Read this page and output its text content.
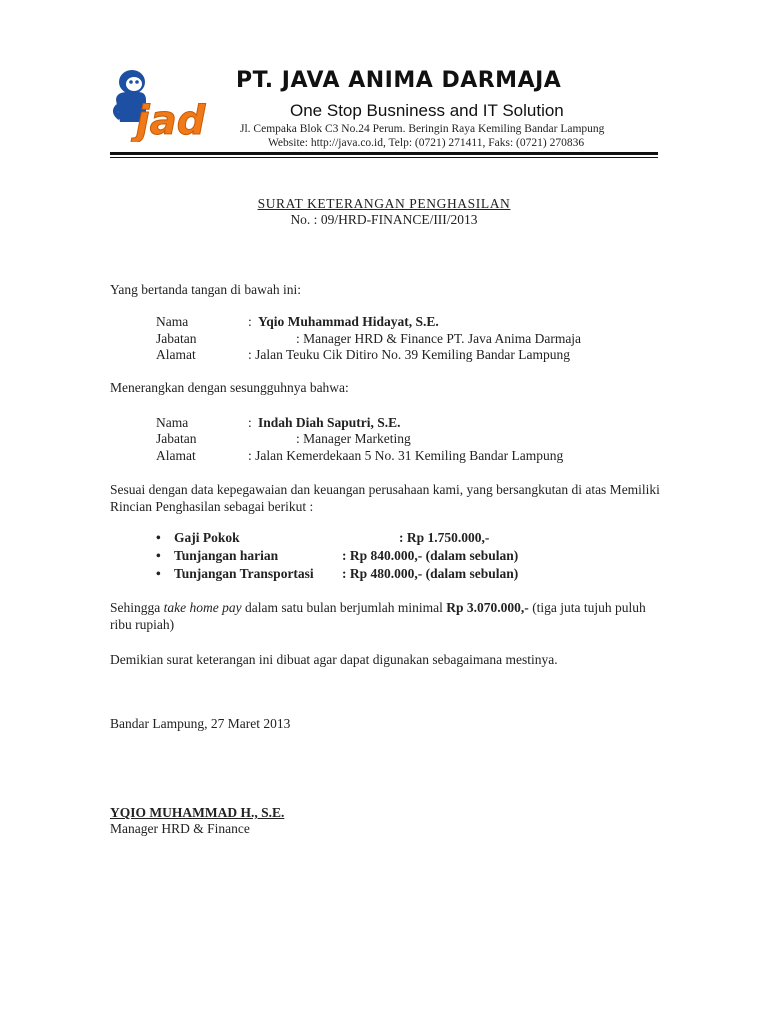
jad
PT. JAVA ANIMA DARMAJA
One Stop Busniness and IT Solution
Jl. Cempaka Blok C3 No.24 Perum. Beringin Raya Kemiling Bandar Lampung
Website: http://java.co.id, Telp: (0721) 271411, Faks: (0721) 270836
SURAT KETERANGAN PENGHASILAN
No. : 09/HRD-FINANCE/III/2013
Yang bertanda tangan di bawah ini:
Nama	: Yqio Muhammad Hidayat, S.E.
Jabatan	: Manager HRD & Finance PT. Java Anima Darmaja
Alamat	: Jalan Teuku Cik Ditiro No. 39 Kemiling Bandar Lampung
Menerangkan dengan sesungguhnya bahwa:
Nama	: Indah Diah Saputri, S.E.
Jabatan	: Manager Marketing
Alamat	: Jalan Kemerdekaan 5 No. 31 Kemiling Bandar Lampung
Sesuai dengan data kepegawaian dan keuangan perusahaan kami, yang bersangkutan di atas Memiliki Rincian Penghasilan sebagai berikut :
• Gaji Pokok	: Rp 1.750.000,-
• Tunjangan harian	: Rp 840.000,- (dalam sebulan)
• Tunjangan Transportasi : Rp 480.000,- (dalam sebulan)
Sehingga take home pay dalam satu bulan berjumlah minimal Rp 3.070.000,- (tiga juta tujuh puluh ribu rupiah)
Demikian surat keterangan ini dibuat agar dapat digunakan sebagaimana mestinya.
Bandar Lampung, 27 Maret 2013
YQIO MUHAMMAD H., S.E.
Manager HRD & Finance
